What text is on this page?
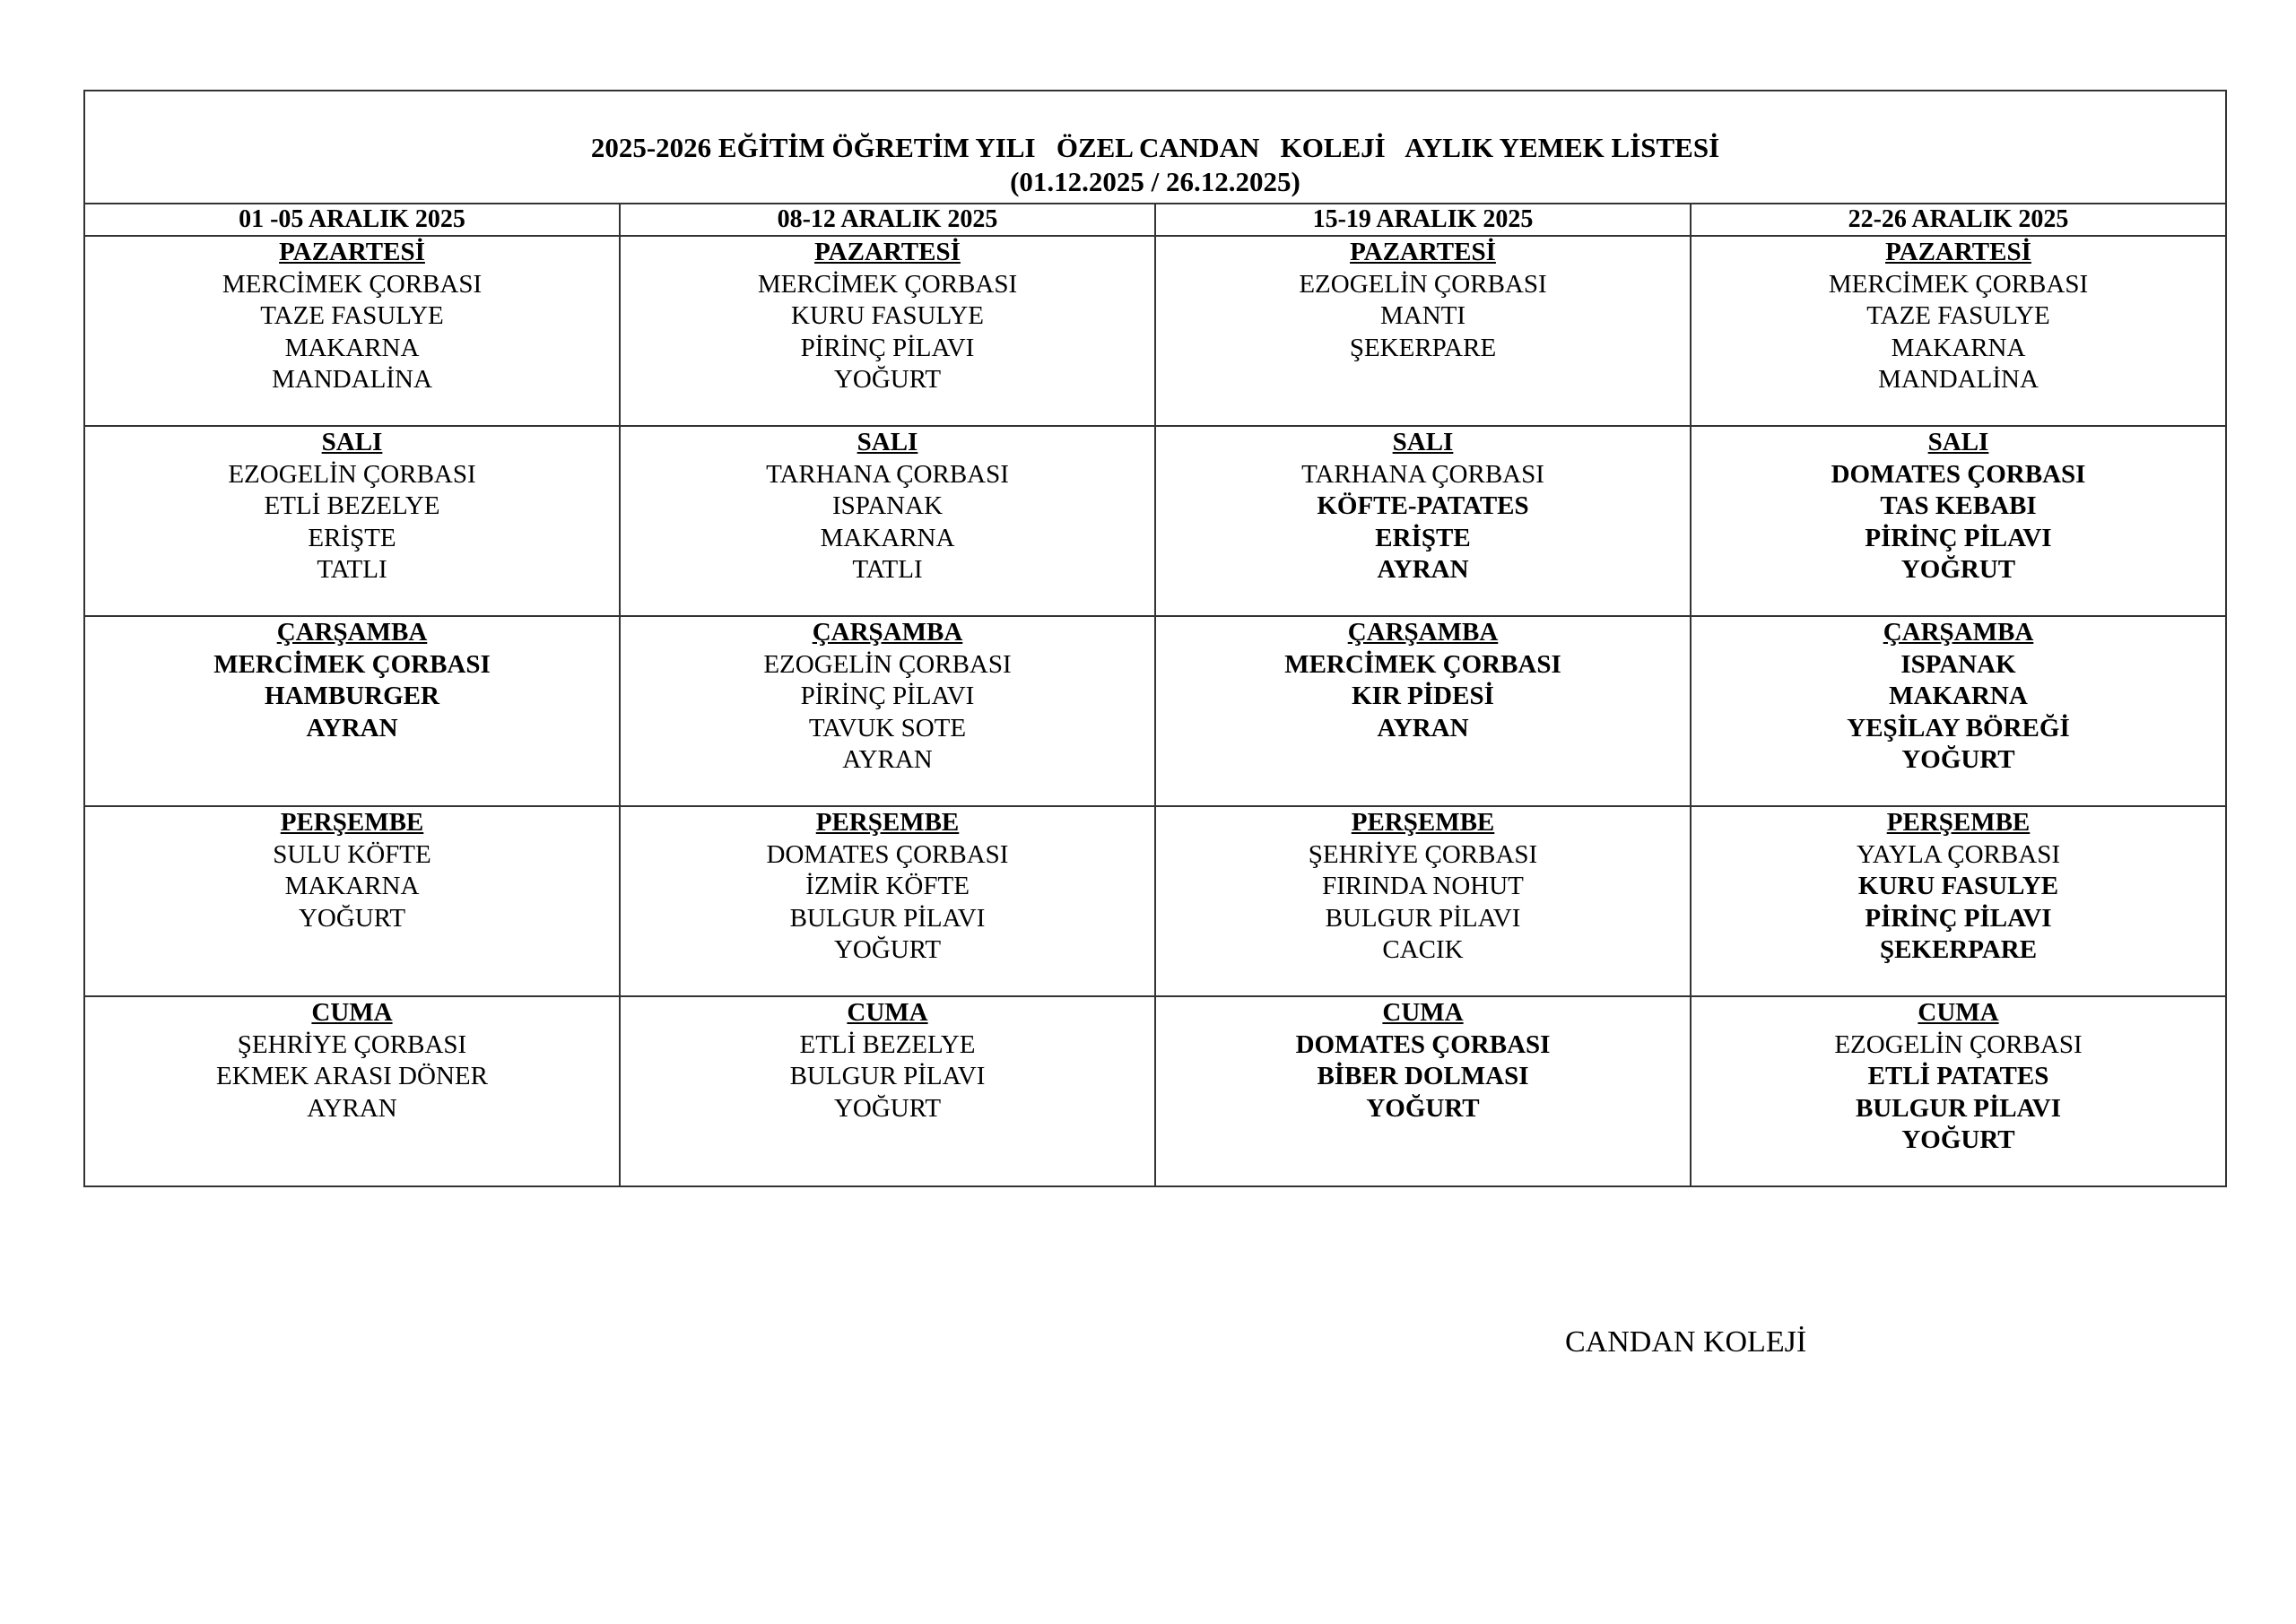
2025-2026 EĞİTİM ÖĞRETİM YILI   ÖZEL CANDAN   KOLEJİ   AYLIK YEMEK LİSTESİ
(01.12.2025 / 26.12.2025)			

01 -05 ARALIK 2025	08-12 ARALIK 2025	15-19 ARALIK 2025	22-26 ARALIK 2025

PAZARTESİ
MERCİMEK ÇORBASI
TAZE FASULYE
MAKARNA
MANDALİNA	PAZARTESİ
MERCİMEK ÇORBASI
KURU FASULYE
PİRİNÇ PİLAVI
YOĞURT	PAZARTESİ
EZOGELİN ÇORBASI
MANTI
ŞEKERPARE	PAZARTESİ
MERCİMEK ÇORBASI
TAZE FASULYE
MAKARNA
MANDALİNA

SALI
EZOGELİN ÇORBASI
ETLİ BEZELYE
ERİŞTE
TATLI	SALI
TARHANA ÇORBASI
ISPANAK
MAKARNA
TATLI	SALI
TARHANA ÇORBASI
KÖFTE-PATATES
ERİŞTE
AYRAN	SALI
DOMATES ÇORBASI
TAS KEBABI
PİRİNÇ PİLAVI
YOĞRUT

ÇARŞAMBA
MERCİMEK ÇORBASI
HAMBURGER
AYRAN	ÇARŞAMBA
EZOGELİN ÇORBASI
PİRİNÇ PİLAVI
TAVUK SOTE
AYRAN	ÇARŞAMBA
MERCİMEK ÇORBASI
KIR PİDESİ
AYRAN	ÇARŞAMBA
ISPANAK
MAKARNA
YEŞİLAY BÖREĞİ
YOĞURT

PERŞEMBE
SULU KÖFTE
MAKARNA
YOĞURT	PERŞEMBE
DOMATES ÇORBASI
İZMİR KÖFTE
BULGUR PİLAVI
YOĞURT	PERŞEMBE
ŞEHRİYE ÇORBASI
FIRINDA NOHUT
BULGUR PİLAVI
CACIK	PERŞEMBE
YAYLA ÇORBASI
KURU FASULYE
PİRİNÇ PİLAVI
ŞEKERPARE

CUMA
ŞEHRİYE ÇORBASI
EKMEK ARASI DÖNER
AYRAN	CUMA
ETLİ BEZELYE
BULGUR PİLAVI
YOĞURT	CUMA
DOMATES ÇORBASI
BİBER DOLMASI
YOĞURT	CUMA
EZOGELİN ÇORBASI
ETLİ PATATES
BULGUR PİLAVI
YOĞURT
CANDAN KOLEJİ
